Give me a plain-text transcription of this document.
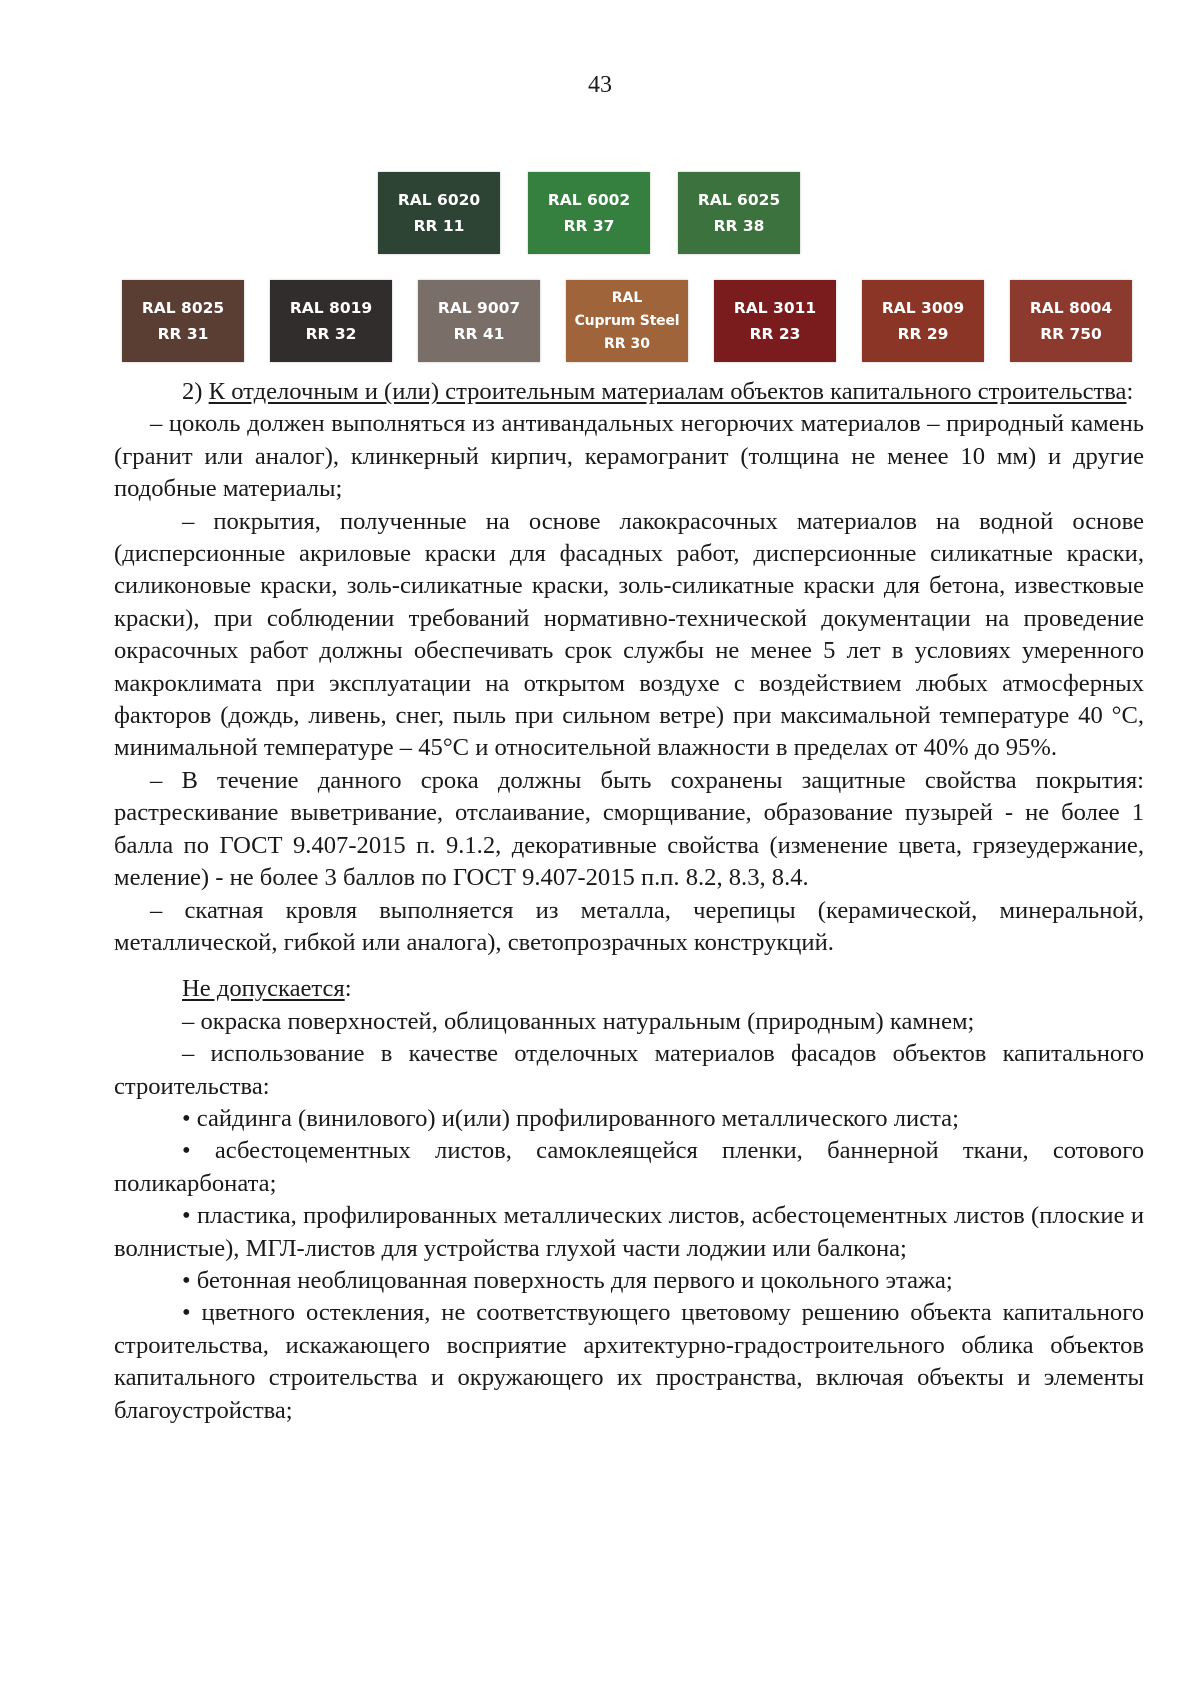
43
RAL 6020
RR 11
RAL 6002
RR 37
RAL 6025
RR 38
RAL 8025
RR 31
RAL 8019
RR 32
RAL 9007
RR 41
RAL
Cuprum Steel
RR 30
RAL 3011
RR 23
RAL 3009
RR 29
RAL 8004
RR 750

2) К отделочным и (или) строительным материалам объектов капитального строительства:

– цоколь должен выполняться из антивандальных негорючих материалов – природный камень (гранит или аналог), клинкерный кирпич, керамогранит (толщина не менее 10 мм) и другие подобные материалы;

– покрытия, полученные на основе лакокрасочных материалов на водной основе (дисперсионные акриловые краски для фасадных работ, дисперсионные силикатные краски, силиконовые краски, золь-силикатные краски, золь-силикатные краски для бетона, известковые краски), при соблюдении требований нормативно-технической документации на проведение окрасочных работ должны обеспечивать срок службы не менее 5 лет в условиях умеренного макроклимата при эксплуатации на открытом воздухе с воздействием любых атмосферных факторов (дождь, ливень, снег, пыль при сильном ветре) при максимальной температуре 40 °С, минимальной температуре – 45°С и относительной влажности в пределах от 40% до 95%.

– В течение данного срока должны быть сохранены защитные свойства покрытия: растрескивание выветривание, отслаивание, сморщивание, образование пузырей - не более 1 балла по ГОСТ 9.407-2015 п. 9.1.2, декоративные свойства (изменение цвета, грязеудержание, меление) - не более 3 баллов по ГОСТ 9.407-2015 п.п. 8.2, 8.3, 8.4.

– скатная кровля выполняется из металла, черепицы (керамической, минеральной, металлической, гибкой или аналога), светопрозрачных конструкций.

Не допускается:

– окраска поверхностей, облицованных натуральным (природным) камнем;

– использование в качестве отделочных материалов фасадов объектов капитального строительства:

• сайдинга (винилового) и(или) профилированного металлического листа;

• асбестоцементных листов, самоклеящейся пленки, баннерной ткани, сотового поликарбоната;

• пластика, профилированных металлических листов, асбестоцементных листов (плоские и волнистые), МГЛ-листов для устройства глухой части лоджии или балкона;

• бетонная необлицованная поверхность для первого и цокольного этажа;

• цветного остекления, не соответствующего цветовому решению объекта капитального строительства, искажающего восприятие архитектурно-градостроительного облика объектов капитального строительства и окружающего их пространства, включая объекты и элементы благоустройства;
